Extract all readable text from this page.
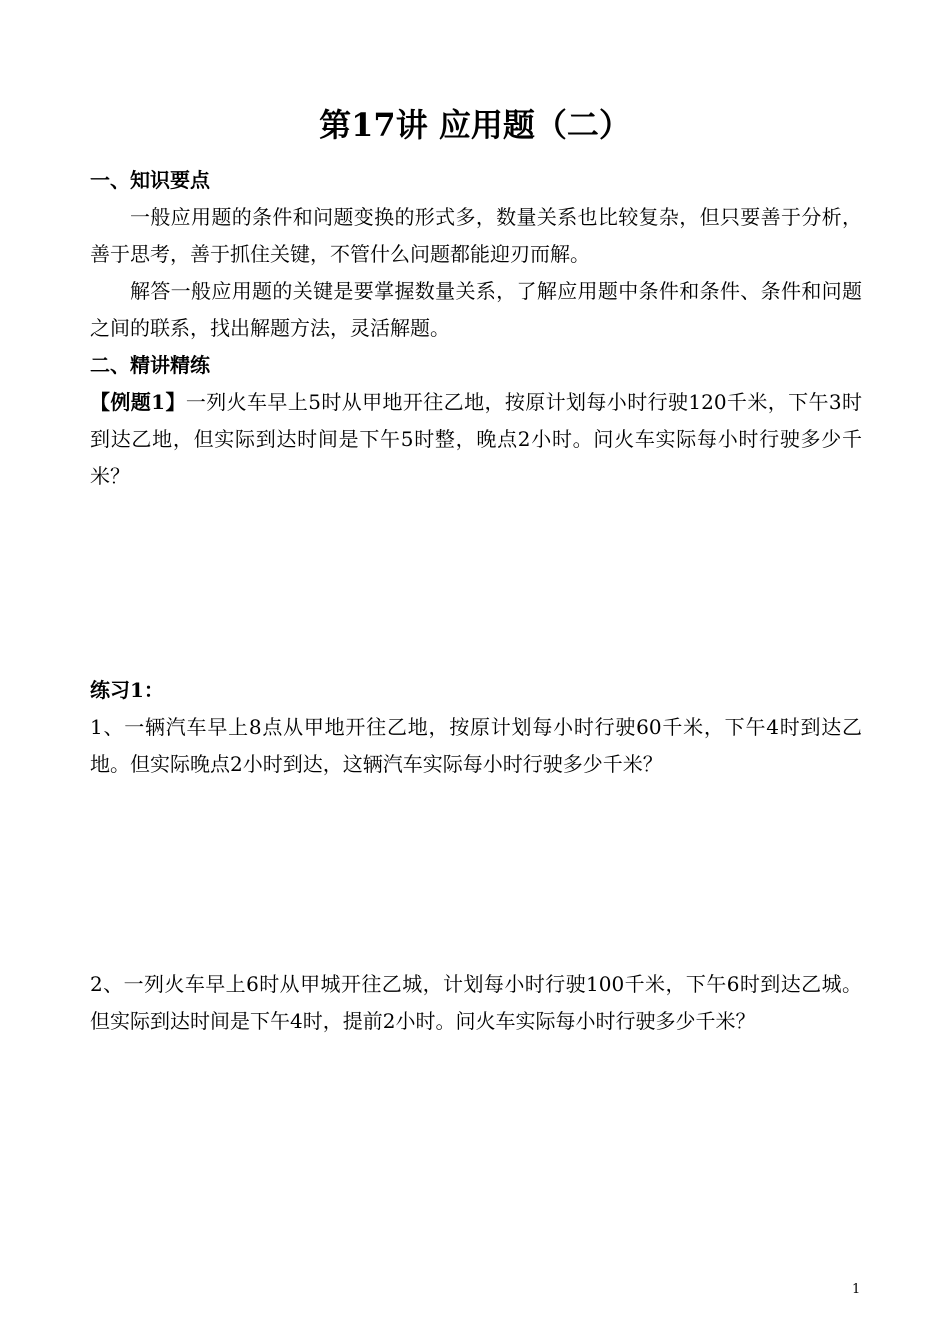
第17讲 应用题（二）
一、知识要点
一般应用题的条件和问题变换的形式多，数量关系也比较复杂，但只要善于分析，善于思考，善于抓住关键，不管什么问题都能迎刃而解。
解答一般应用题的关键是要掌握数量关系，了解应用题中条件和条件、条件和问题之间的联系，找出解题方法，灵活解题。
二、精讲精练
【例题1】一列火车早上5时从甲地开往乙地，按原计划每小时行驶120千米，下午3时到达乙地，但实际到达时间是下午5时整，晚点2小时。问火车实际每小时行驶多少千米？
练习1：
1、一辆汽车早上8点从甲地开往乙地，按原计划每小时行驶60千米，下午4时到达乙地。但实际晚点2小时到达，这辆汽车实际每小时行驶多少千米？
2、一列火车早上6时从甲城开往乙城，计划每小时行驶100千米，下午6时到达乙城。但实际到达时间是下午4时，提前2小时。问火车实际每小时行驶多少千米？
1
